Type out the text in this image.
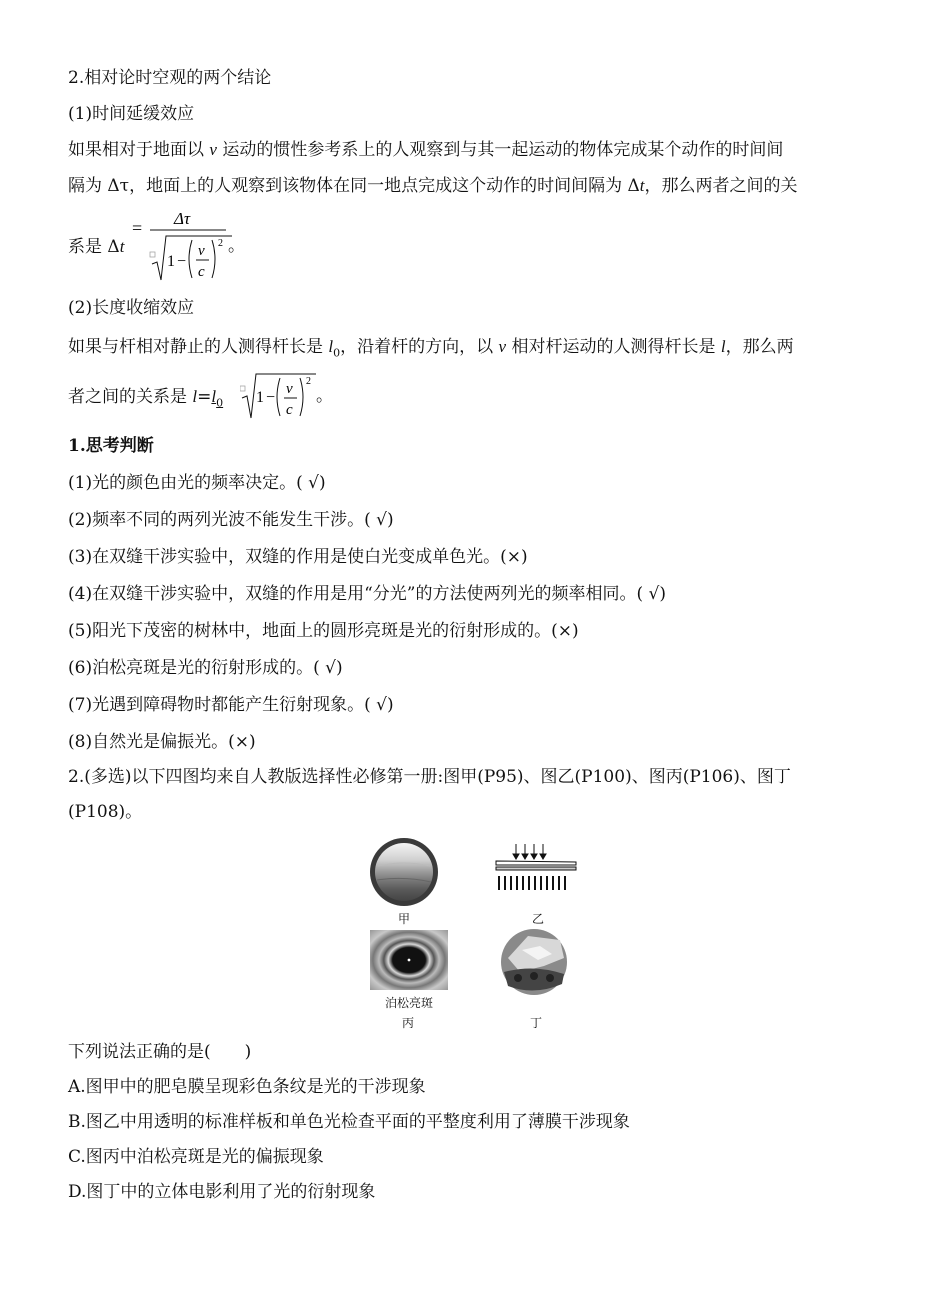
2.相对论时空观的两个结论
(1)时间延缓效应
如果相对于地面以 v 运动的惯性参考系上的人观察到与其一起运动的物体完成某个动作的时间间
隔为 Δτ，地面上的人观察到该物体在同一地点完成这个动作的时间间隔为 Δt，那么两者之间的关
系是 Δt
= Δτ
1 −
v
c
2 。
(2)长度收缩效应
如果与杆相对静止的人测得杆长是 $l_0$，沿着杆的方向，以 v 相对杆运动的人测得杆长是 l，那么两
者之间的关系是 $l=l_0$ 1 − v
c
2
。
1.思考判断
(1)光的颜色由光的频率决定。( √)
(2)频率不同的两列光波不能发生干涉。( √)
(3)在双缝干涉实验中，双缝的作用是使白光变成单色光。(×)
(4)在双缝干涉实验中，双缝的作用是用“分光”的方法使两列光的频率相同。( √)
(5)阳光下茂密的树林中，地面上的圆形亮斑是光的衍射形成的。(×)
(6)泊松亮斑是光的衍射形成的。( √)
(7)光遇到障碍物时都能产生衍射现象。( √)
(8)自然光是偏振光。(×)
2.(多选)以下四图均来自人教版选择性必修第一册:图甲(P95)、图乙(P100)、图丙(P106)、图丁
(P108)。
甲	乙
泊松亮斑
丙	丁
下列说法正确的是(　　)
A.图甲中的肥皂膜呈现彩色条纹是光的干涉现象
B.图乙中用透明的标准样板和单色光检查平面的平整度利用了薄膜干涉现象
C.图丙中泊松亮斑是光的偏振现象
D.图丁中的立体电影利用了光的衍射现象
